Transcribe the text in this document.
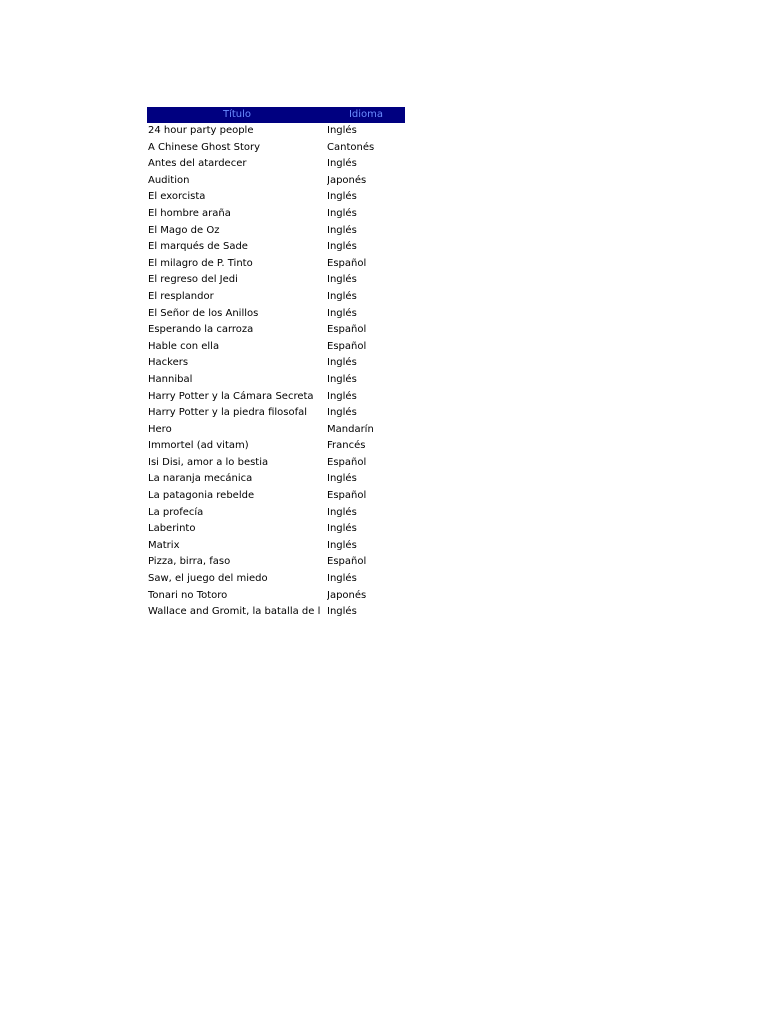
Título	Idioma
24 hour party people	Inglés
A Chinese Ghost Story	Cantonés
Antes del atardecer	Inglés
Audition	Japonés
El exorcista	Inglés
El hombre araña	Inglés
El Mago de Oz	Inglés
El marqués de Sade	Inglés
El milagro de P. Tinto	Español
El regreso del Jedi	Inglés
El resplandor	Inglés
El Señor de los Anillos	Inglés
Esperando la carroza	Español
Hable con ella	Español
Hackers	Inglés
Hannibal	Inglés
Harry Potter y la Cámara Secreta	Inglés
Harry Potter y la piedra filosofal	Inglés
Hero	Mandarín
Immortel (ad vitam)	Francés
Isi Disi, amor a lo bestia	Español
La naranja mecánica	Inglés
La patagonia rebelde	Español
La profecía	Inglés
Laberinto	Inglés
Matrix	Inglés
Pizza, birra, faso	Español
Saw, el juego del miedo	Inglés
Tonari no Totoro	Japonés
Wallace and Gromit, la batalla de l Inglés
